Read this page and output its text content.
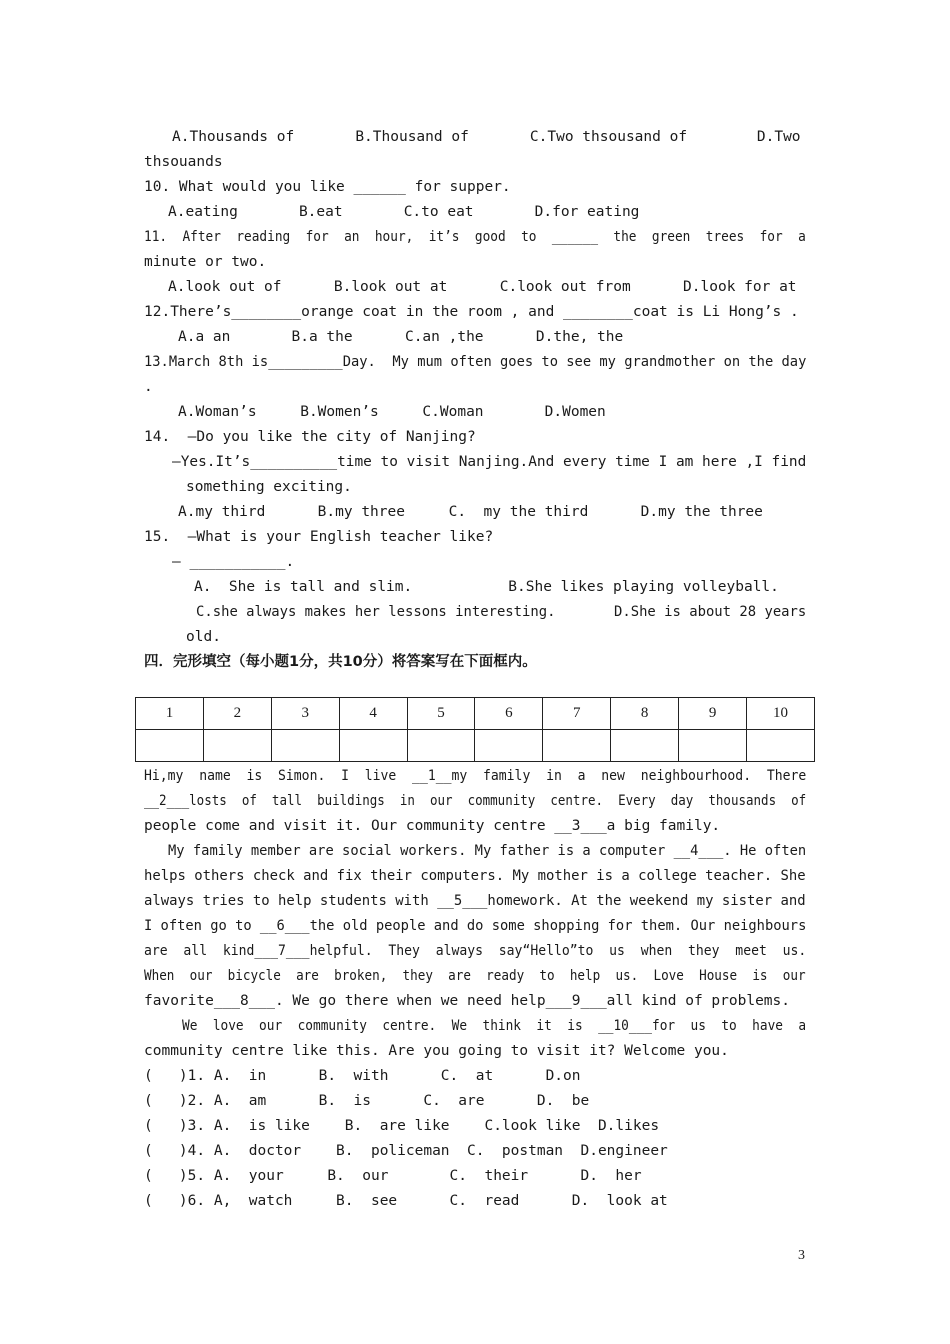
A.Thousands of       B.Thousand of       C.Two thsousand of        D.Two
thsouands
10. What would you like ______ for supper.
A.eating       B.eat       C.to eat       D.for eating
11.  After  reading  for  an  hour,  it’s  good  to  ______  the  green  trees  for  a
minute or two.
A.look out of      B.look out at      C.look out from      D.look for at
12.There’s________orange coat in the room , and ________coat is Li Hong’s .
A.a an       B.a the      C.an ,the      D.the, the
13.March 8th is_________Day.  My mum often goes to see my grandmother on the day
.
A.Woman’s     B.Women’s     C.Woman       D.Women
14.  —Do you like the city of Nanjing?
—Yes.It’s__________time to visit Nanjing.And every time I am here ,I find
something exciting.
A.my third      B.my three     C.  my the third      D.my the three
15.  —What is your English teacher like?
— ___________.
A.  She is tall and slim.           B.She likes playing volleyball.
C.she always makes her lessons interesting.       D.She is about 28 years
old.
Hi,my  name  is  Simon.  I  live  __1__my  family  in  a  new  neighbourhood.  There
__2___losts  of  tall  buildings  in  our  community  centre.  Every  day  thousands  of
people come and visit it. Our community centre __3___a big family.
My family member are social workers. My father is a computer __4___. He often
helps others check and fix their computers. My mother is a college teacher. She
always tries to help students with __5___homework. At the weekend my sister and
I often go to __6___the old people and do some shopping for them. Our neighbours
are  all  kind___7___helpful.  They  always  say“Hello”to  us  when  they  meet  us.
When  our  bicycle  are  broken,  they  are  ready  to  help  us.  Love  House  is  our
favorite___8___. We go there when we need help___9___all kind of problems.
We  love  our  community  centre.  We  think  it  is  __10___for  us  to  have  a
community centre like this. Are you going to visit it? Welcome you.
(   )1. A.  in      B.  with      C.  at      D.on
(   )2. A.  am      B.  is      C.  are      D.  be
(   )3. A.  is like    B.  are like    C.look like  D.likes
(   )4. A.  doctor    B.  policeman  C.  postman  D.engineer
(   )5. A.  your     B.  our       C.  their      D.  her
(   )6. A,  watch     B.  see      C.  read      D.  look at
四．完形填空（每小题1分，共10分）将答案写在下面框内。
1	2	3	4	5	6	7	8	9	10

3
